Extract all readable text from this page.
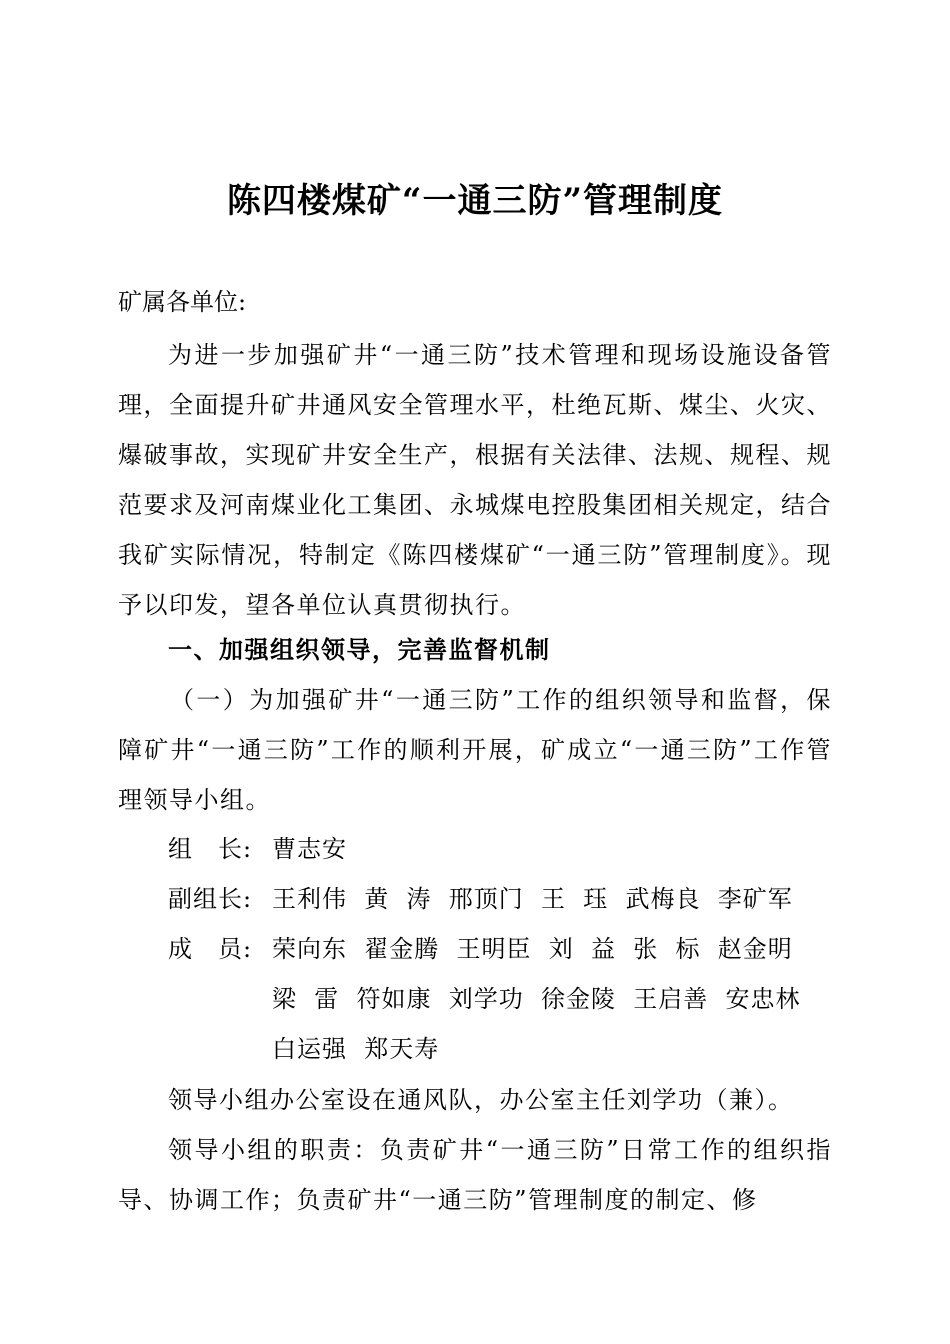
陈四楼煤矿“一通三防”管理制度
矿属各单位:

为进一步加强矿井“一通三防”技术管理和现场设施设备管理，全面提升矿井通风安全管理水平，杜绝瓦斯、煤尘、火灾、爆破事故，实现矿井安全生产，根据有关法律、法规、规程、规范要求及河南煤业化工集团、永城煤电控股集团相关规定，结合我矿实际情况，特制定《陈四楼煤矿“一通三防”管理制度》。现予以印发，望各单位认真贯彻执行。

一、加强组织领导，完善监督机制

（一）为加强矿井“一通三防”工作的组织领导和监督，保障矿井“一通三防”工作的顺利开展，矿成立“一通三防”工作管理领导小组。

组　长: 曹志安
副组长: 王利伟  黄  涛  邢顶门  王  珏  武梅良  李矿军
成　员: 荣向东  翟金腾  王明臣  刘  益  张  标  赵金明
梁  雷  符如康  刘学功  徐金陵  王启善  安忠林
白运强  郑天寿

领导小组办公室设在通风队，办公室主任刘学功（兼）。

领导小组的职责：负责矿井“一通三防”日常工作的组织指导、协调工作；负责矿井“一通三防”管理制度的制定、修
